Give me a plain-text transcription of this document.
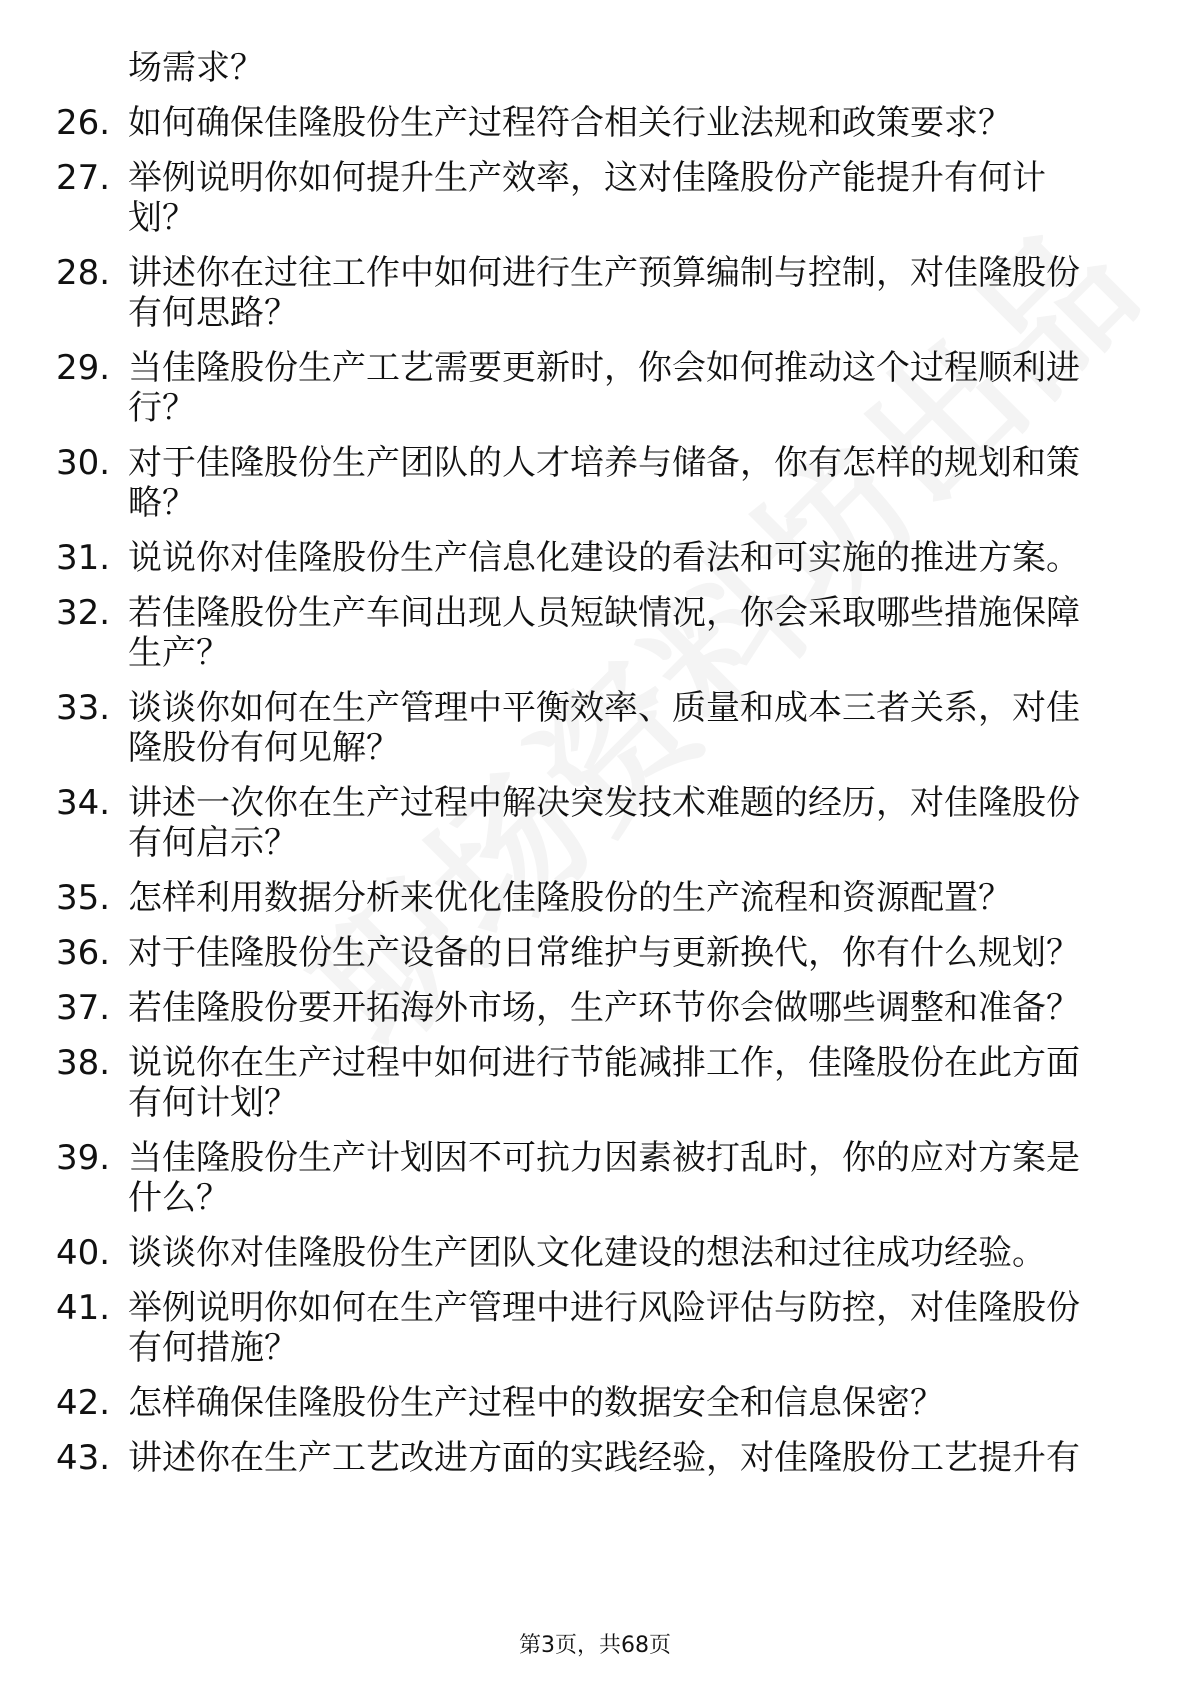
场需求？
26. 如何确保佳隆股份生产过程符合相关行业法规和政策要求？
27. 举例说明你如何提升生产效率，这对佳隆股份产能提升有何计
划？
28. 讲述你在过往工作中如何进行生产预算编制与控制，对佳隆股份
有何思路？
29. 当佳隆股份生产工艺需要更新时，你会如何推动这个过程顺利进
行？
30. 对于佳隆股份生产团队的人才培养与储备，你有怎样的规划和策
略？
31. 说说你对佳隆股份生产信息化建设的看法和可实施的推进方案。
32. 若佳隆股份生产车间出现人员短缺情况，你会采取哪些措施保障
生产？
33. 谈谈你如何在生产管理中平衡效率、质量和成本三者关系，对佳
隆股份有何见解？
34. 讲述一次你在生产过程中解决突发技术难题的经历，对佳隆股份
有何启示？
35. 怎样利用数据分析来优化佳隆股份的生产流程和资源配置？
36. 对于佳隆股份生产设备的日常维护与更新换代，你有什么规划？
37. 若佳隆股份要开拓海外市场，生产环节你会做哪些调整和准备？
38. 说说你在生产过程中如何进行节能减排工作，佳隆股份在此方面
有何计划？
39. 当佳隆股份生产计划因不可抗力因素被打乱时，你的应对方案是
什么？
40. 谈谈你对佳隆股份生产团队文化建设的想法和过往成功经验。
41. 举例说明你如何在生产管理中进行风险评估与防控，对佳隆股份
有何措施？
42. 怎样确保佳隆股份生产过程中的数据安全和信息保密？
43. 讲述你在生产工艺改进方面的实践经验，对佳隆股份工艺提升有
第3页，共68页
